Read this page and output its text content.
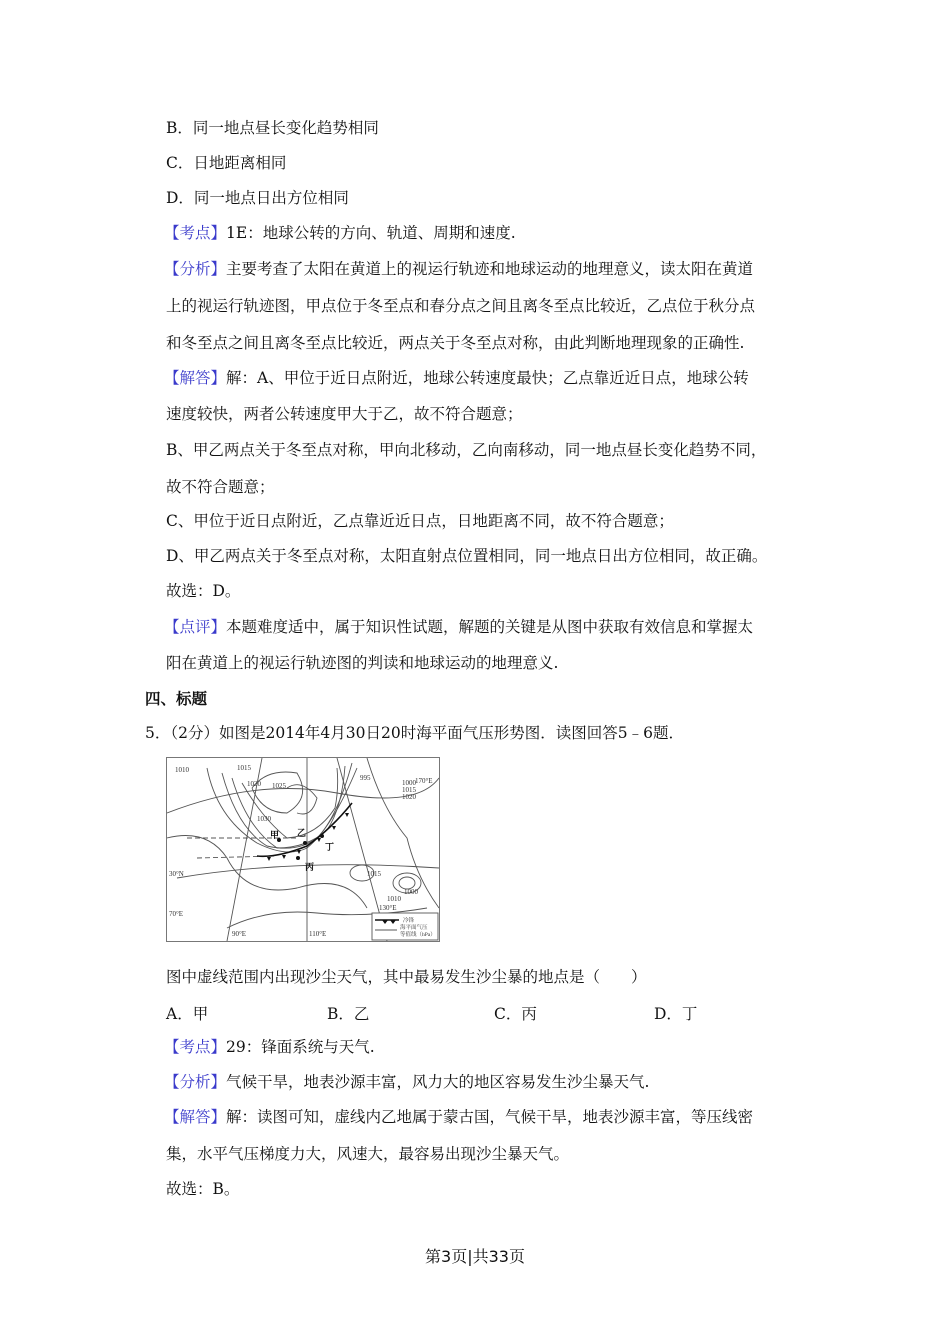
B．同一地点昼长变化趋势相同
C．日地距离相同
D．同一地点日出方位相同
【考点】1E：地球公转的方向、轨道、周期和速度.
【分析】主要考查了太阳在黄道上的视运行轨迹和地球运动的地理意义，读太阳在黄道
上的视运行轨迹图，甲点位于冬至点和春分点之间且离冬至点比较近，乙点位于秋分点
和冬至点之间且离冬至点比较近，两点关于冬至点对称，由此判断地理现象的正确性.
【解答】解：A、甲位于近日点附近，地球公转速度最快；乙点靠近近日点，地球公转
速度较快，两者公转速度甲大于乙，故不符合题意；
B、甲乙两点关于冬至点对称，甲向北移动，乙向南移动，同一地点昼长变化趋势不同，
故不符合题意；
C、甲位于近日点附近，乙点靠近近日点，日地距离不同，故不符合题意；
D、甲乙两点关于冬至点对称，太阳直射点位置相同，同一地点日出方位相同，故正确。
故选：D。
【点评】本题难度适中，属于知识性试题，解题的关键是从图中获取有效信息和掌握太
阳在黄道上的视运行轨迹图的判读和地球运动的地理意义.
四、标题
5．（2分）如图是2014年4月30日20时海平面气压形势图．读图回答5﹣6题．
1010	1015
1020 1025
1030
1015
1010
995
1000
1000
1015
1020
30°N
70°E
90°E	110°E
130°E
170°E
甲 乙
丙
丁
冷锋
海平面气压
等值线（hPa）
图中虚线范围内出现沙尘天气，其中最易发生沙尘暴的地点是（　　）
A．甲	B．乙	C．丙	D．丁
【考点】29：锋面系统与天气.
【分析】气候干旱，地表沙源丰富，风力大的地区容易发生沙尘暴天气.
【解答】解：读图可知，虚线内乙地属于蒙古国，气候干旱，地表沙源丰富，等压线密
集，水平气压梯度力大，风速大，最容易出现沙尘暴天气。
故选：B。
第3页|共33页
